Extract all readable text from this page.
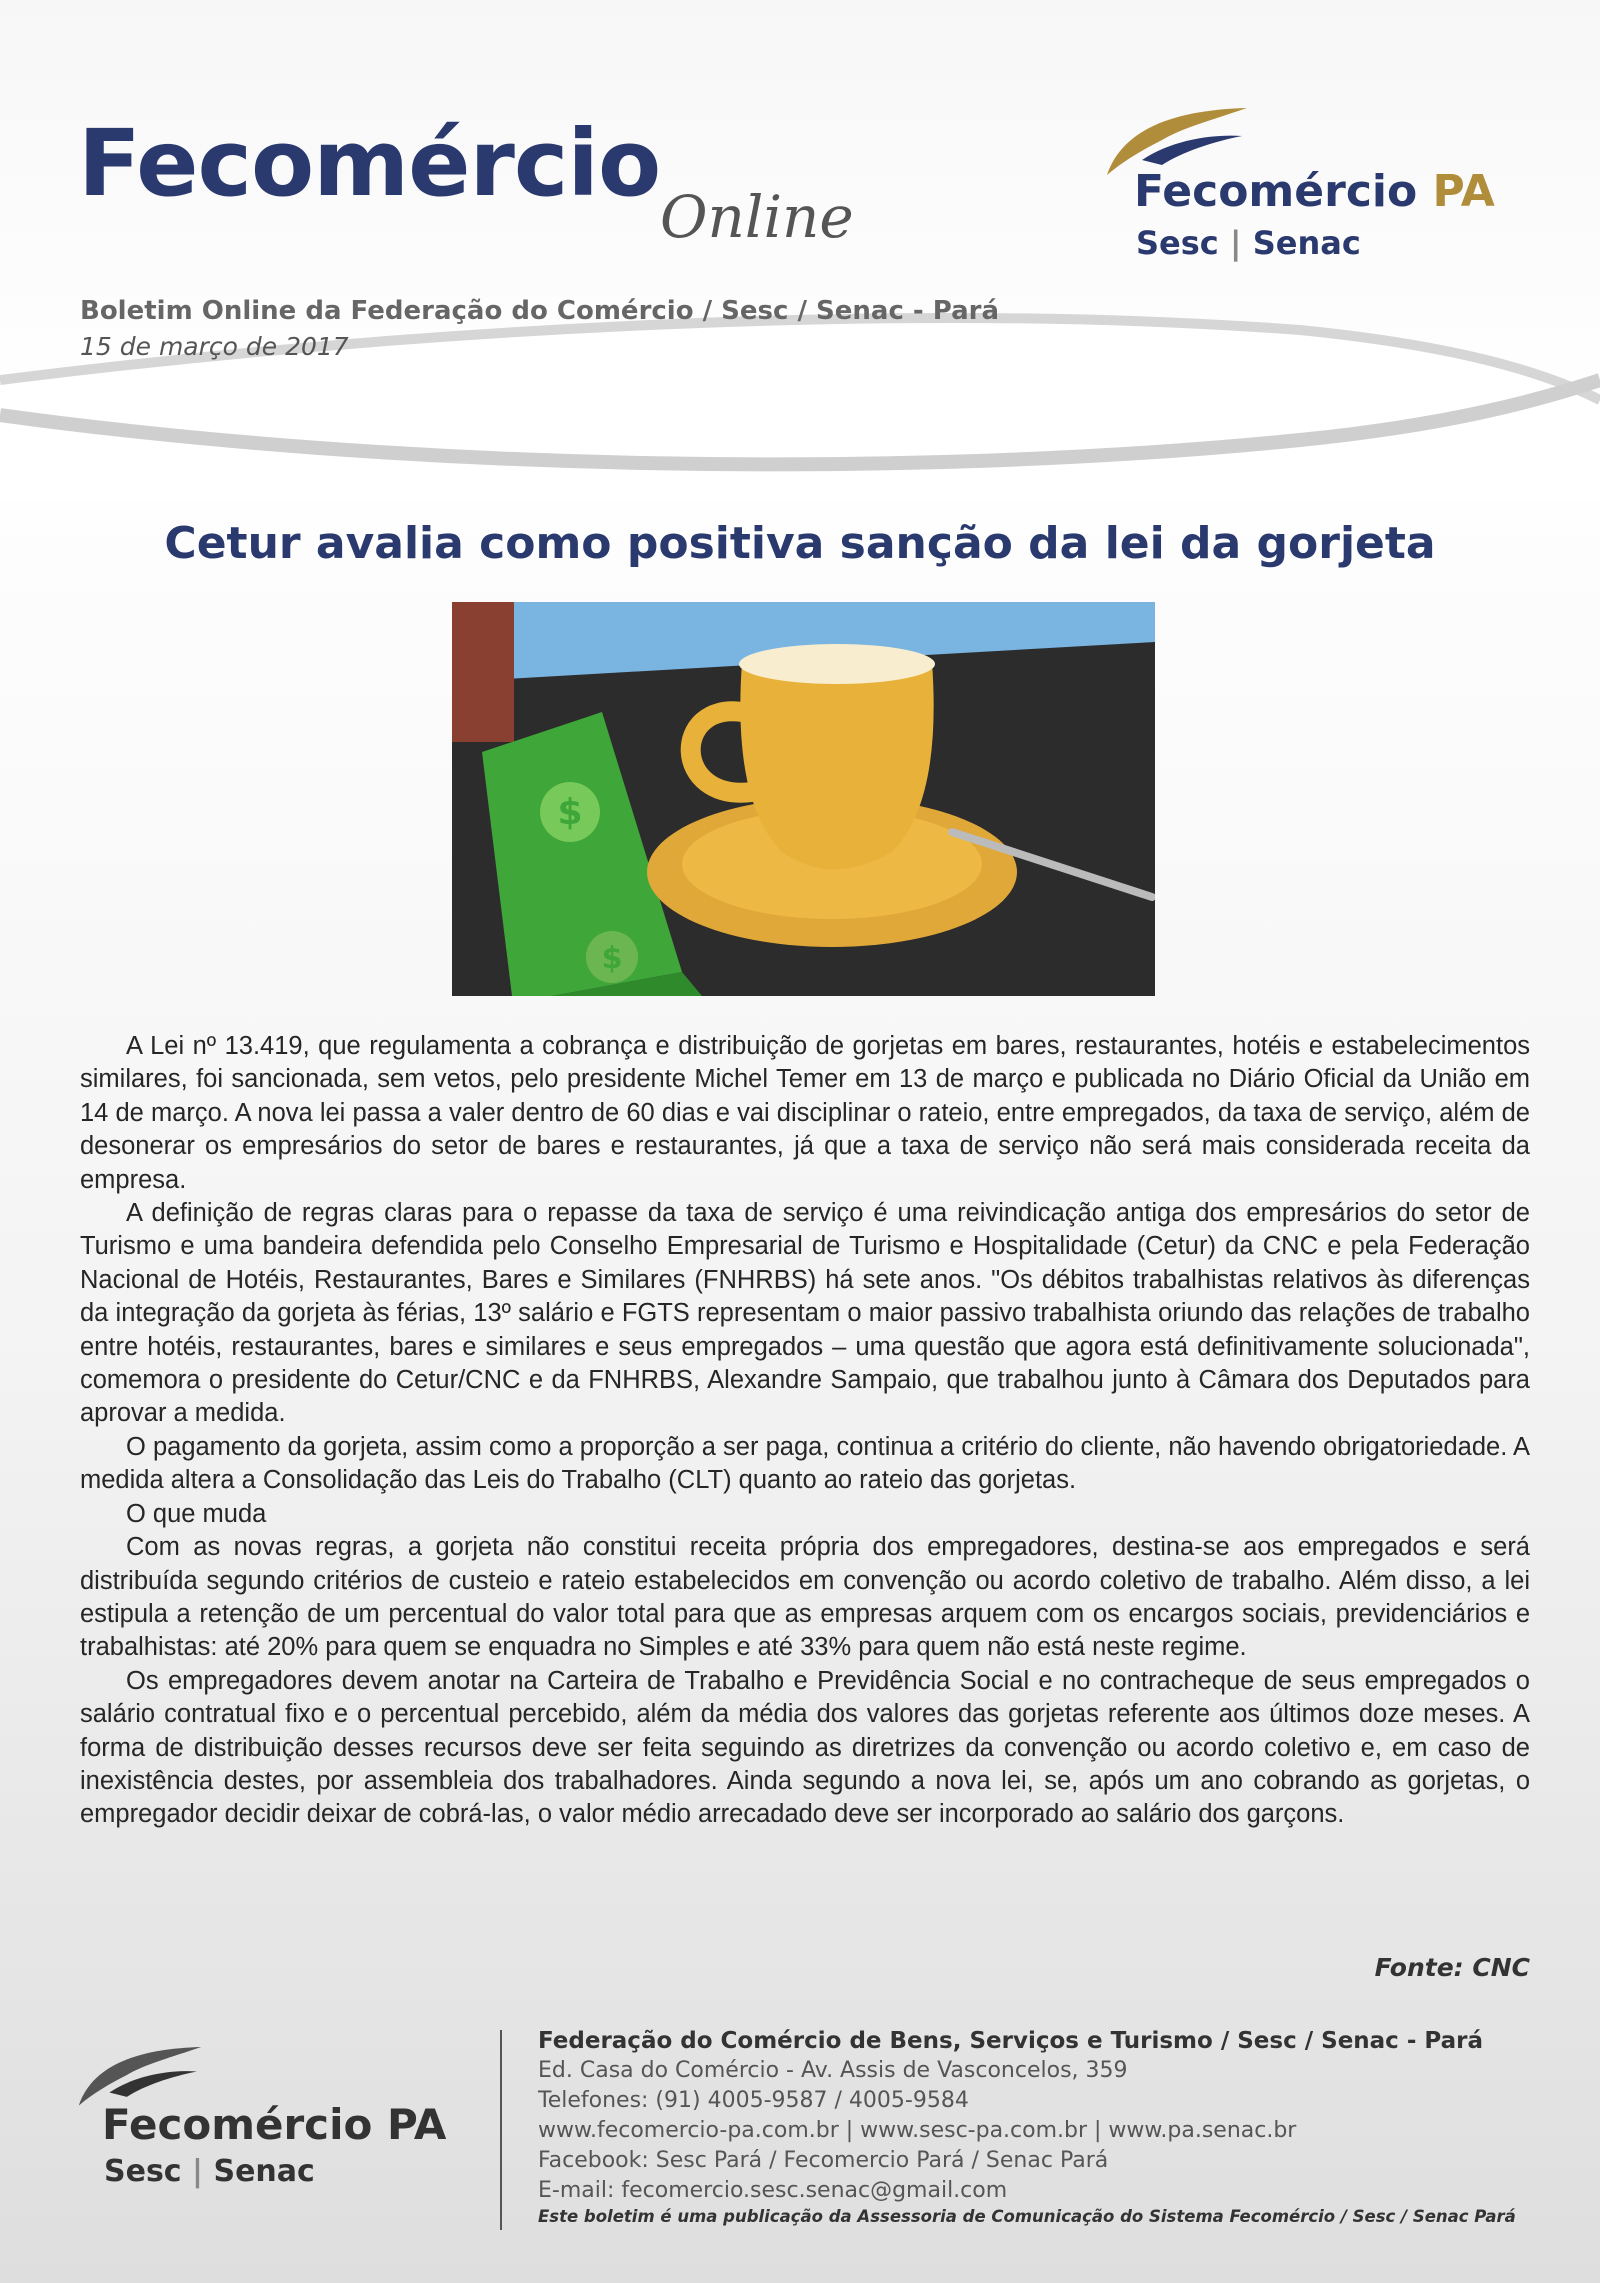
Fecomércio Online
Boletim Online da Federação do Comércio / Sesc / Senac - Pará
15 de março de 2017
Fecomércio PA
Sesc | Senac
Cetur avalia como positiva sanção da lei da gorjeta
$
$

A Lei nº 13.419, que regulamenta a cobrança e distribuição de gorjetas em bares, restaurantes, hotéis e estabelecimentos similares, foi sancionada, sem vetos, pelo presidente Michel Temer em 13 de março e publicada no Diário Oficial da União em 14 de março. A nova lei passa a valer dentro de 60 dias e vai disciplinar o rateio, entre empregados, da taxa de serviço, além de desonerar os empresários do setor de bares e restaurantes, já que a taxa de serviço não será mais considerada receita da empresa.

A definição de regras claras para o repasse da taxa de serviço é uma reivindicação antiga dos empresários do setor de Turismo e uma bandeira defendida pelo Conselho Empresarial de Turismo e Hospitalidade (Cetur) da CNC e pela Federação Nacional de Hotéis, Restaurantes, Bares e Similares (FNHRBS) há sete anos. "Os débitos trabalhistas relativos às diferenças da integração da gorjeta às férias, 13º salário e FGTS representam o maior passivo trabalhista oriundo das relações de trabalho entre hotéis, restaurantes, bares e similares e seus empregados – uma questão que agora está definitivamente solucionada", comemora o presidente do Cetur/CNC e da FNHRBS, Alexandre Sampaio, que trabalhou junto à Câmara dos Deputados para aprovar a medida.

O pagamento da gorjeta, assim como a proporção a ser paga, continua a critério do cliente, não havendo obrigatoriedade. A medida altera a Consolidação das Leis do Trabalho (CLT) quanto ao rateio das gorjetas.

O que muda

Com as novas regras, a gorjeta não constitui receita própria dos empregadores, destina-se aos empregados e será distribuída segundo critérios de custeio e rateio estabelecidos em convenção ou acordo coletivo de trabalho. Além disso, a lei estipula a retenção de um percentual do valor total para que as empresas arquem com os encargos sociais, previdenciários e trabalhistas: até 20% para quem se enquadra no Simples e até 33% para quem não está neste regime.

Os empregadores devem anotar na Carteira de Trabalho e Previdência Social e no contracheque de seus empregados o salário contratual fixo e o percentual percebido, além da média dos valores das gorjetas referente aos últimos doze meses. A forma de distribuição desses recursos deve ser feita seguindo as diretrizes da convenção ou acordo coletivo e, em caso de inexistência destes, por assembleia dos trabalhadores. Ainda segundo a nova lei, se, após um ano cobrando as gorjetas, o empregador decidir deixar de cobrá-las, o valor médio arrecadado deve ser incorporado ao salário dos garçons.

Fonte: CNC
Fecomércio PA
Sesc | Senac
Federação do Comércio de Bens, Serviços e Turismo / Sesc / Senac - Pará
Ed. Casa do Comércio - Av. Assis de Vasconcelos, 359
Telefones: (91) 4005-9587 / 4005-9584
www.fecomercio-pa.com.br | www.sesc-pa.com.br | www.pa.senac.br
Facebook: Sesc Pará / Fecomercio Pará / Senac Pará
E-mail: fecomercio.sesc.senac@gmail.com
Este boletim é uma publicação da Assessoria de Comunicação do Sistema Fecomércio / Sesc / Senac Pará
